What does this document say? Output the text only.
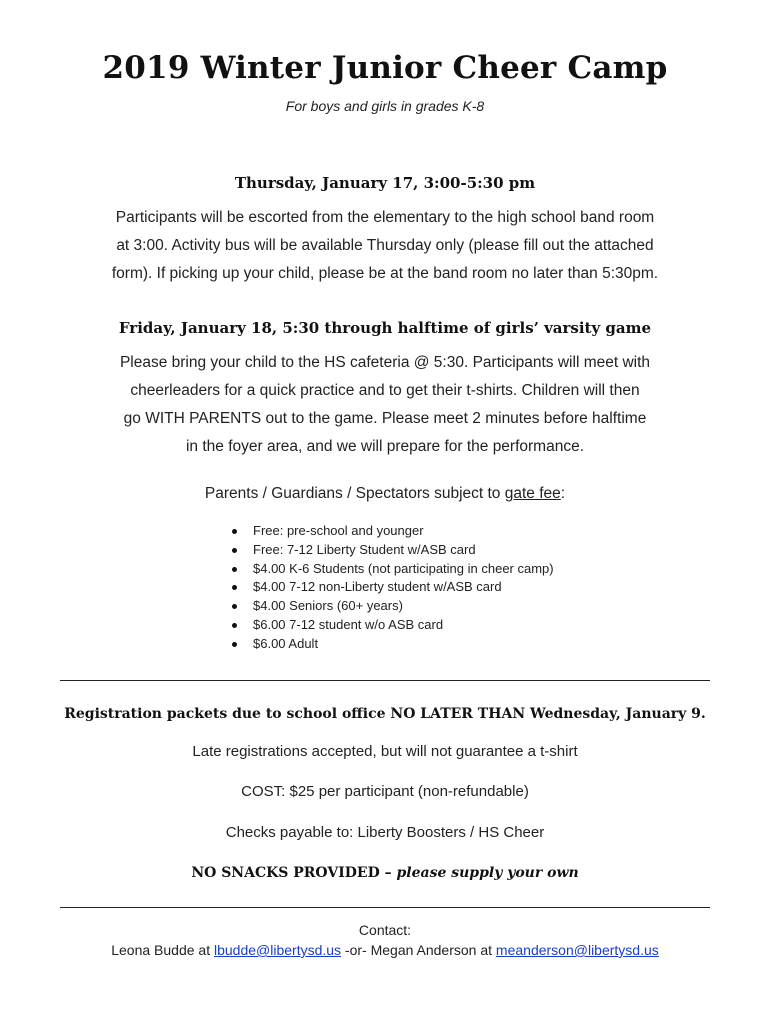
2019 Winter Junior Cheer Camp
For boys and girls in grades K-8
Thursday, January 17, 3:00-5:30 pm
Participants will be escorted from the elementary to the high school band room
at 3:00. Activity bus will be available Thursday only (please fill out the attached
form). If picking up your child, please be at the band room no later than 5:30pm.
Friday, January 18, 5:30 through halftime of girls’ varsity game
Please bring your child to the HS cafeteria @ 5:30. Participants will meet with
cheerleaders for a quick practice and to get their t-shirts. Children will then
go WITH PARENTS out to the game. Please meet 2 minutes before halftime
in the foyer area, and we will prepare for the performance.
Parents / Guardians / Spectators subject to gate fee:
Free: pre-school and younger
Free: 7-12 Liberty Student w/ASB card
$4.00 K-6 Students (not participating in cheer camp)
$4.00 7-12 non-Liberty student w/ASB card
$4.00 Seniors (60+ years)
$6.00 7-12 student w/o ASB card
$6.00 Adult
Registration packets due to school office NO LATER THAN Wednesday, January 9.
Late registrations accepted, but will not guarantee a t-shirt
COST: $25 per participant (non-refundable)
Checks payable to: Liberty Boosters / HS Cheer
NO SNACKS PROVIDED – please supply your own
Contact:
Leona Budde at lbudde@libertysd.us -or- Megan Anderson at meanderson@libertysd.us
